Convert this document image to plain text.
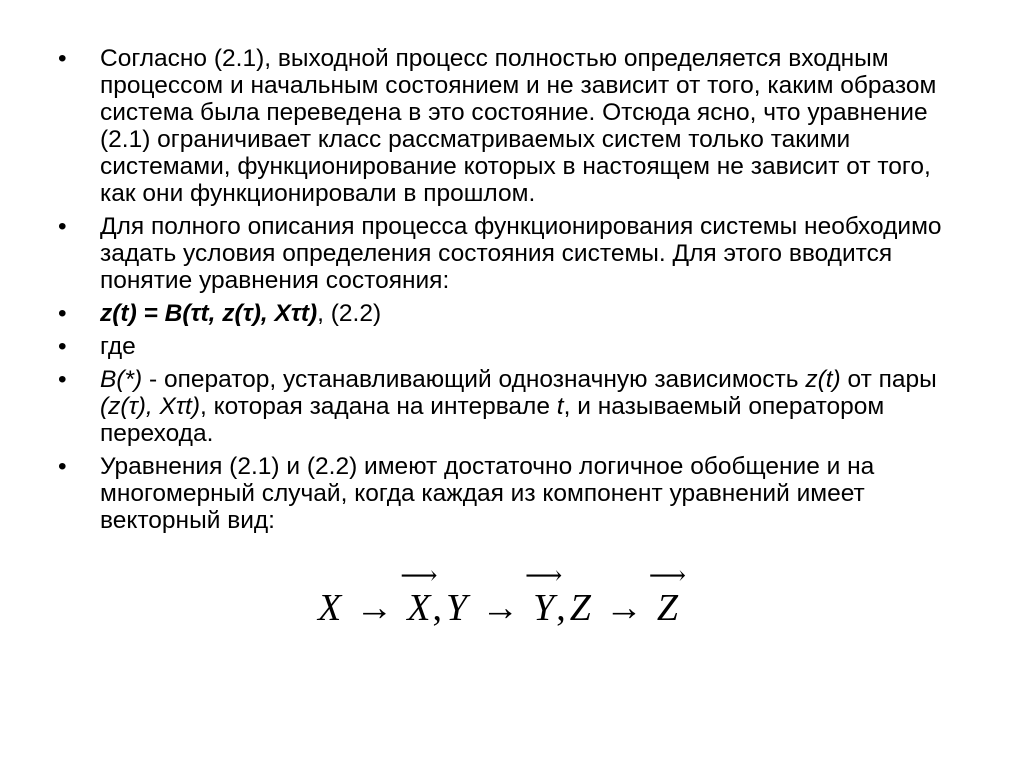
•	Согласно (2.1), выходной процесс полностью определяется входным процессом и начальным состоянием и не зависит от того, каким образом система была переведена в это состояние. Отсюда ясно, что уравнение (2.1) ограничивает класс рассматриваемых систем только такими системами, функционирование которых в настоящем не зависит от того, как они функционировали в прошлом.
•	Для полного описания процесса функционирования системы необходимо задать условия определения состояния системы. Для этого вводится понятие уравнения состояния:
•	z(t) = B(τt, z(τ), Xτt), (2.2)
•	где
•	B(*) - оператор, устанавливающий однозначную зависимость z(t) от пары (z(τ), Xτt), которая задана на интервале t, и называемый оператором перехода.
•	Уравнения (2.1) и (2.2) имеют достаточно логичное обобщение и на многомерный случай, когда каждая из компонент уравнений имеет векторный вид:
X →
⟶
X, Y →
⟶
Y, Z →
⟶
Z
